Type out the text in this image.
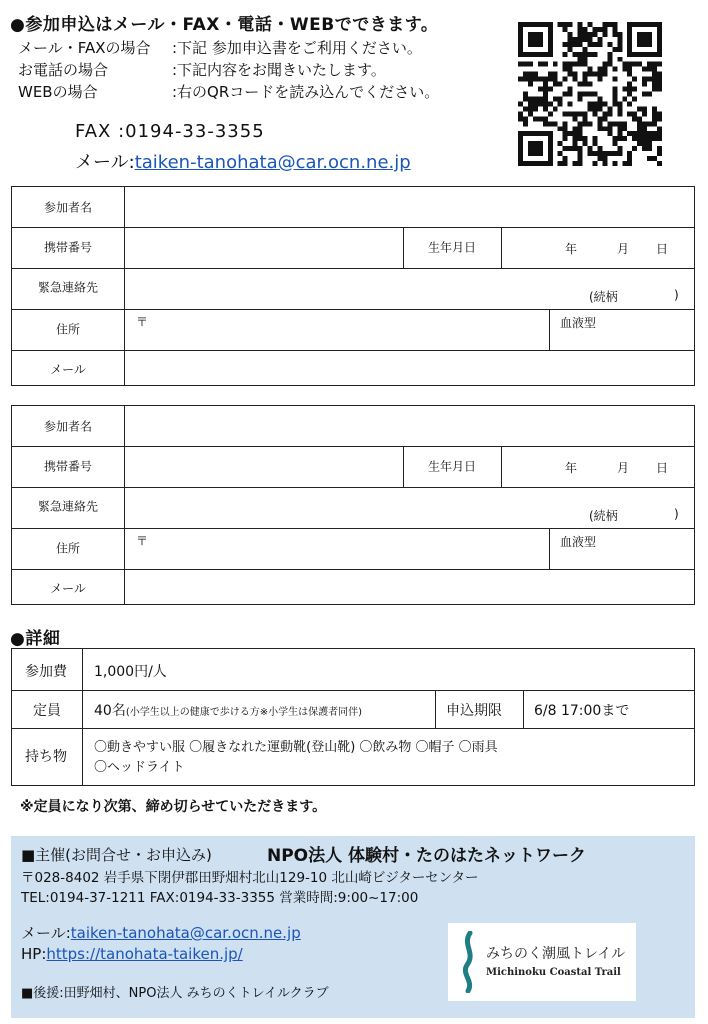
●参加申込はメール・FAX・電話・WEBでできます。
メール・FAXの場合 :下記 参加申込書をご利用ください。
お電話の場合	:下記内容をお聞きいたします。
WEBの場合	:右のQRコードを読み込んでください。
FAX :0194-33-3355
メール:taiken-tanohata@car.ocn.ne.jp
参加者名
携帯番号	生年月日	年	月 日
緊急連絡先
(続柄	)
住所
〒	血液型
メール
参加者名
携帯番号	生年月日	年	月 日
緊急連絡先
(続柄	)
住所
〒	血液型
メール
●詳細
参加費 1,000円/人
定員 40名(小学生以上の健康で歩ける方※小学生は保護者同伴)	申込期限 6/8 17:00まで
持ち物
〇動きやすい服 〇履きなれた運動靴(登山靴) 〇飲み物 〇帽子 〇雨具
〇ヘッドライト
※定員になり次第、締め切らせていただきます。
■主催(お問合せ・お申込み)	NPO法人 体験村・たのはたネットワーク
〒028-8402 岩手県下閉伊郡田野畑村北山129-10 北山崎ビジターセンター
TEL:0194-37-1211 FAX:0194-33-3355 営業時間:9:00~17:00
メール:taiken-tanohata@car.ocn.ne.jp
HP:https://tanohata-taiken.jp/
■後援:田野畑村、NPO法人 みちのくトレイルクラブ
みちのく潮風トレイル
Michinoku Coastal Trail
